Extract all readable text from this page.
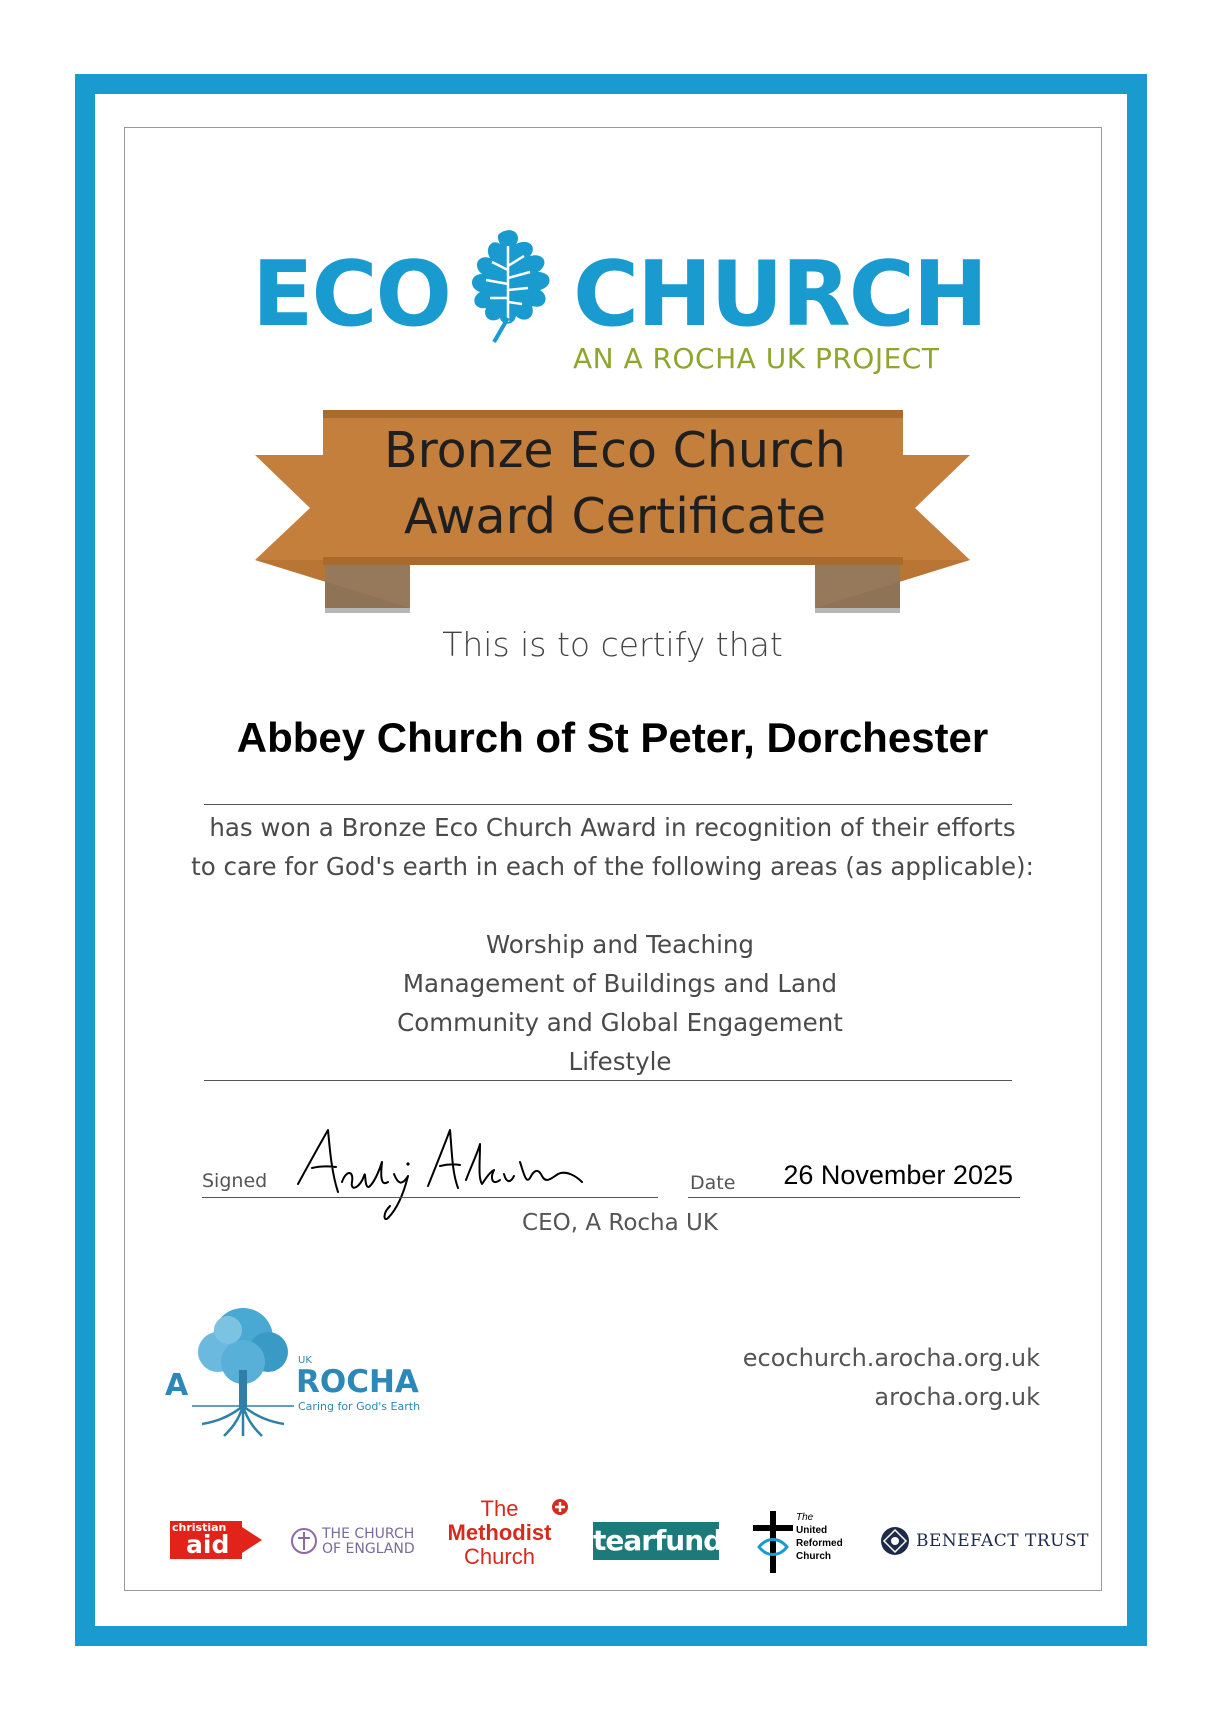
ECO CHURCH
AN A ROCHA UK PROJECT
Bronze Eco Church
Award Certificate
This is to certify that
Abbey Church of St Peter, Dorchester
has won a Bronze Eco Church Award in recognition of their efforts
to care for God's earth in each of the following areas (as applicable):
Worship and Teaching
Management of Buildings and Land
Community and Global Engagement
Lifestyle
Signed	Date	26 November 2025
CEO, A Rocha UK
A
UK
ROCHA
Caring for God's Earth
ecochurch.arocha.org.uk
arocha.org.uk
christian
aid	THE CHURCH
OF ENGLAND
The
Methodist
Church	tearfund
The
United
Reformed
Church
BENEFACT TRUST
